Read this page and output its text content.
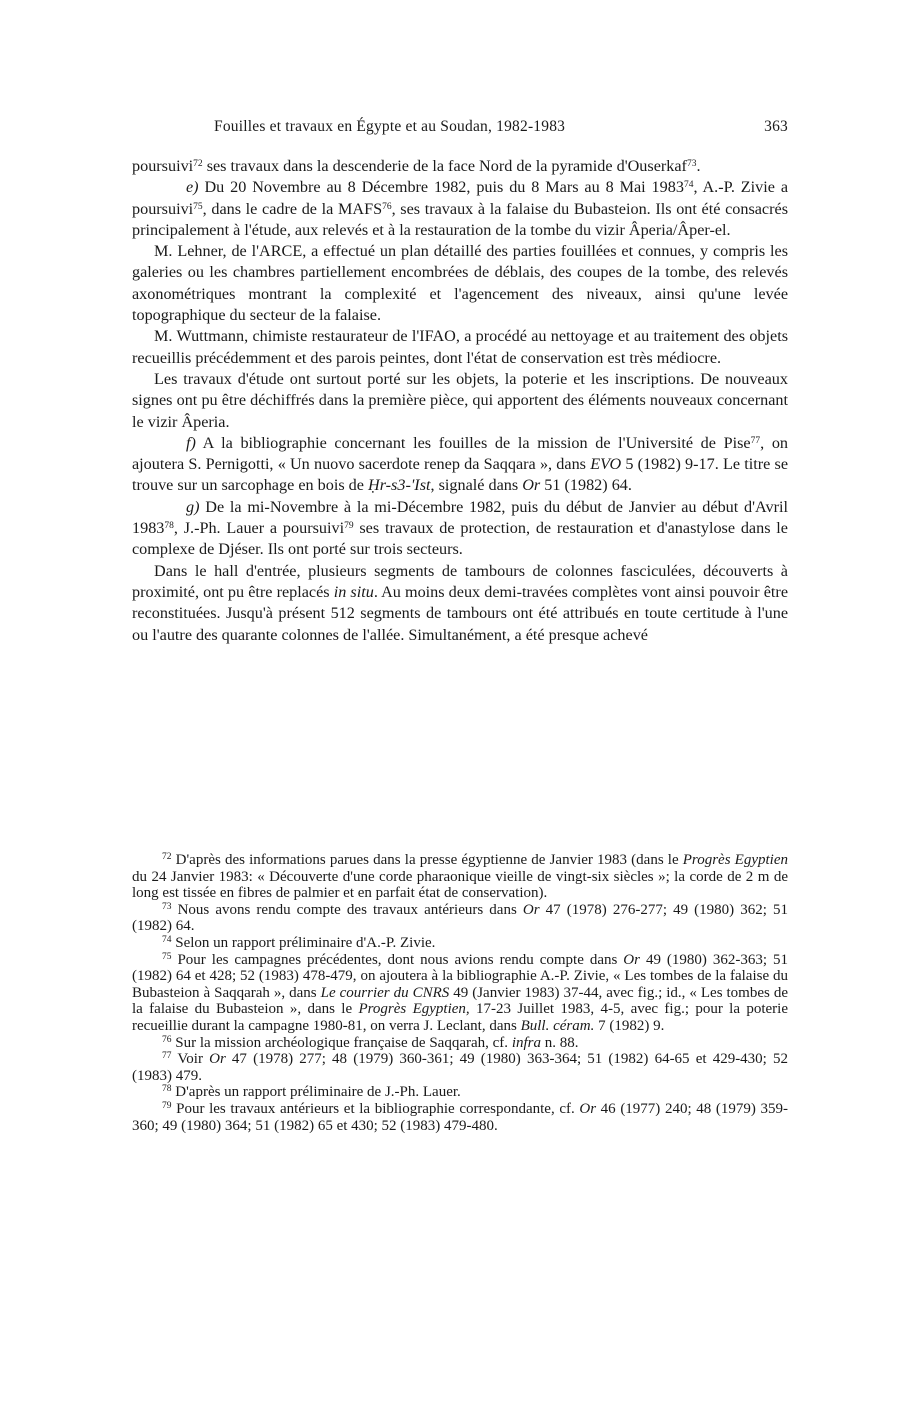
Fouilles et travaux en Égypte et au Soudan, 1982-1983	363

poursuivi$^{72}$ ses travaux dans la descenderie de la face Nord de la pyramide d'Ouserkaf$^{73}$.

e) Du 20 Novembre au 8 Décembre 1982, puis du 8 Mars au 8 Mai 1983$^{74}$, A.-P. Zivie a poursuivi$^{75}$, dans le cadre de la MAFS$^{76}$, ses travaux à la falaise du Bubasteion. Ils ont été consacrés principalement à l'étude, aux relevés et à la restauration de la tombe du vizir Âperia/Âper-el.

M. Lehner, de l'ARCE, a effectué un plan détaillé des parties fouillées et connues, y compris les galeries ou les chambres partiellement encombrées de déblais, des coupes de la tombe, des relevés axonométriques montrant la complexité et l'agencement des niveaux, ainsi qu'une levée topographique du secteur de la falaise.

M. Wuttmann, chimiste restaurateur de l'IFAO, a procédé au nettoyage et au traitement des objets recueillis précédemment et des parois peintes, dont l'état de conservation est très médiocre.

Les travaux d'étude ont surtout porté sur les objets, la poterie et les inscriptions. De nouveaux signes ont pu être déchiffrés dans la première pièce, qui apportent des éléments nouveaux concernant le vizir Âperia.

f) A la bibliographie concernant les fouilles de la mission de l'Université de Pise$^{77}$, on ajoutera S. Pernigotti, « Un nuovo sacerdote renep da Saqqara », dans EVO 5 (1982) 9-17. Le titre se trouve sur un sarcophage en bois de Ḥr-s3-'Ist, signalé dans Or 51 (1982) 64.

g) De la mi-Novembre à la mi-Décembre 1982, puis du début de Janvier au début d'Avril 1983$^{78}$, J.-Ph. Lauer a poursuivi$^{79}$ ses travaux de protection, de restauration et d'anastylose dans le complexe de Djéser. Ils ont porté sur trois secteurs.

Dans le hall d'entrée, plusieurs segments de tambours de colonnes fasciculées, découverts à proximité, ont pu être replacés in situ. Au moins deux demi-travées complètes vont ainsi pouvoir être reconstituées. Jusqu'à présent 512 segments de tambours ont été attribués en toute certitude à l'une ou l'autre des quarante colonnes de l'allée. Simultanément, a été presque achevé

$^{72}$ D'après des informations parues dans la presse égyptienne de Janvier 1983 (dans le Progrès Egyptien du 24 Janvier 1983: « Découverte d'une corde pharaonique vieille de vingt-six siècles »; la corde de 2 m de long est tissée en fibres de palmier et en parfait état de conservation).

$^{73}$ Nous avons rendu compte des travaux antérieurs dans Or 47 (1978) 276-277; 49 (1980) 362; 51 (1982) 64.

$^{74}$ Selon un rapport préliminaire d'A.-P. Zivie.

$^{75}$ Pour les campagnes précédentes, dont nous avions rendu compte dans Or 49 (1980) 362-363; 51 (1982) 64 et 428; 52 (1983) 478-479, on ajoutera à la bibliographie A.-P. Zivie, « Les tombes de la falaise du Bubasteion à Saqqarah », dans Le courrier du CNRS 49 (Janvier 1983) 37-44, avec fig.; id., « Les tombes de la falaise du Bubasteion », dans le Progrès Egyptien, 17-23 Juillet 1983, 4-5, avec fig.; pour la poterie recueillie durant la campagne 1980-81, on verra J. Leclant, dans Bull. céram. 7 (1982) 9.

$^{76}$ Sur la mission archéologique française de Saqqarah, cf. infra n. 88.

$^{77}$ Voir Or 47 (1978) 277; 48 (1979) 360-361; 49 (1980) 363-364; 51 (1982) 64-65 et 429-430; 52 (1983) 479.

$^{78}$ D'après un rapport préliminaire de J.-Ph. Lauer.

$^{79}$ Pour les travaux antérieurs et la bibliographie correspondante, cf. Or 46 (1977) 240; 48 (1979) 359-360; 49 (1980) 364; 51 (1982) 65 et 430; 52 (1983) 479-480.
